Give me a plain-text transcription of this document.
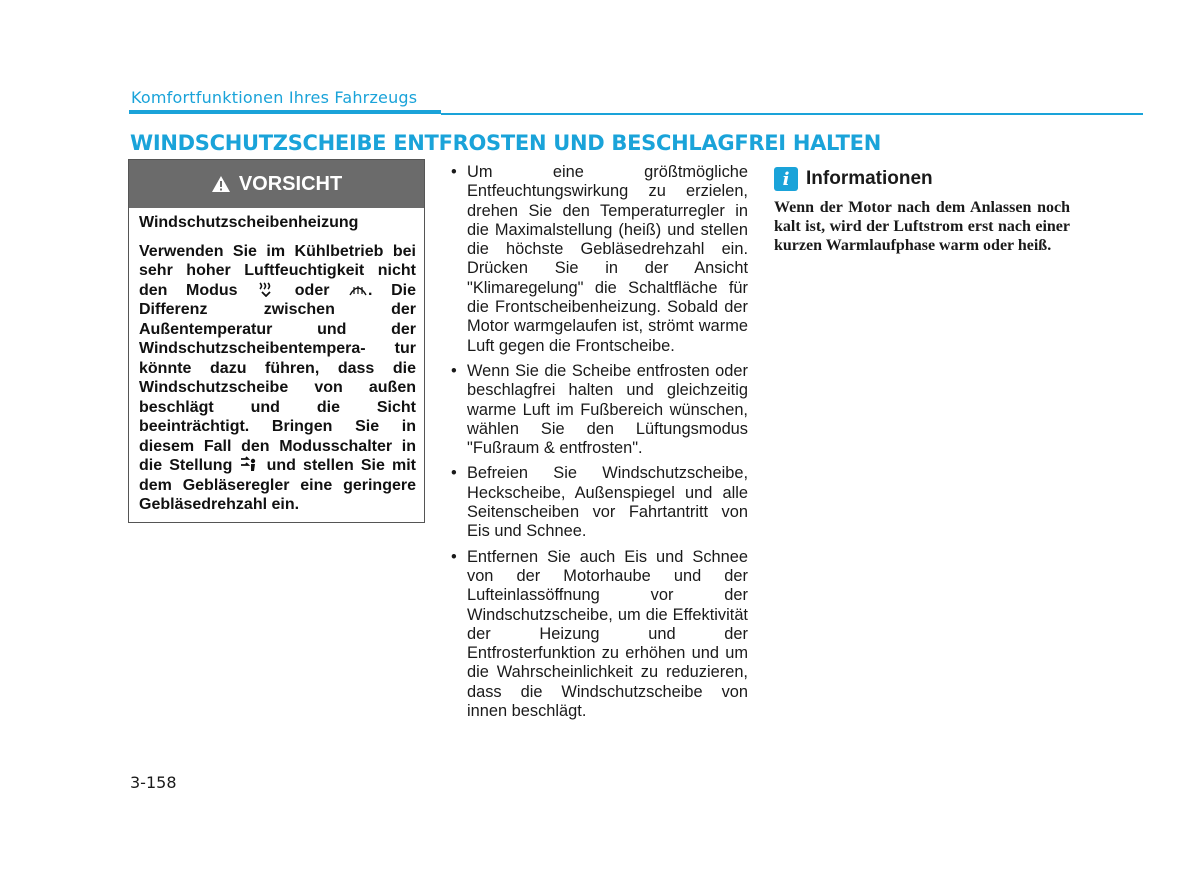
Komfortfunktionen Ihres Fahrzeugs
WINDSCHUTZSCHEIBE ENTFROSTEN UND BESCHLAGFREI HALTEN
VORSICHT

Windschutzscheibenheizung

Verwenden Sie im Kühlbetrieb bei sehr hoher Luftfeuchtigkeit nicht den Modus	oder . Die Differenz zwischen der Außentemperatur und der Windschutzscheibentempera- tur könnte dazu führen, dass die Windschutzscheibe von außen beschlägt und die Sicht beeinträchtigt. Bringen Sie in diesem Fall den Modusschalter in die Stellung und stellen Sie mit dem Gebläseregler eine geringere Gebläsedrehzahl ein.

• Um eine größtmögliche Entfeuchtungswirkung zu erzielen, drehen Sie den Temperaturregler in die Maximalstellung (heiß) und stellen die höchste Gebläsedrehzahl ein. Drücken Sie in der Ansicht "Klimaregelung" die Schaltfläche für die Frontscheibenheizung. Sobald der Motor warmgelaufen ist, strömt warme Luft gegen die Frontscheibe.
• Wenn Sie die Scheibe entfrosten oder beschlagfrei halten und gleichzeitig warme Luft im Fußbereich wünschen, wählen Sie den Lüftungsmodus "Fußraum & entfrosten".
• Befreien Sie Windschutzscheibe, Heckscheibe, Außenspiegel und alle Seitenscheiben vor Fahrtantritt von Eis und Schnee.
• Entfernen Sie auch Eis und Schnee von der Motorhaube und der Lufteinlassöffnung vor der Windschutzscheibe, um die Effektivität der Heizung und der Entfrosterfunktion zu erhöhen und um die Wahrscheinlichkeit zu reduzieren, dass die Windschutzscheibe von innen beschlägt.
i Informationen
Wenn der Motor nach dem Anlassen noch kalt ist, wird der Luftstrom erst nach einer kurzen Warmlaufphase warm oder heiß.
3-158
